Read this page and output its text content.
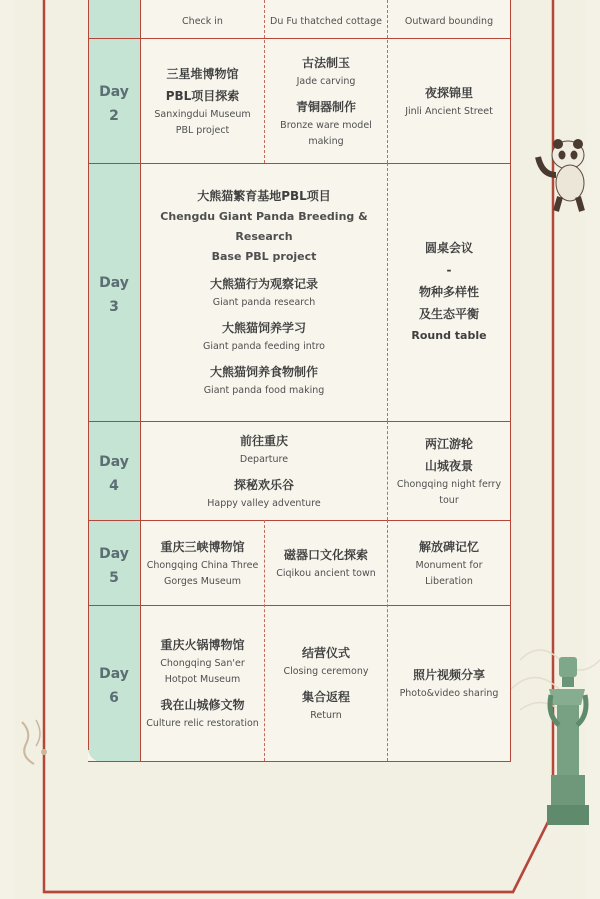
Check in	Du Fu thatched cottage Outward bounding
Day
2
三星堆博物馆
PBL项目探索
Sanxingdui Museum
PBL project
古法制玉
Jade carving
青铜器制作
Bronze ware model
making
夜探锦里
Jinli Ancient Street
Day
3
大熊猫繁育基地PBL项目
Chengdu Giant Panda Breeding & Research
Base PBL project
大熊猫行为观察记录
Giant panda research
大熊猫饲养学习
Giant panda feeding intro
大熊猫饲养食物制作
Giant panda food making
圆桌会议
-
物种多样性
及生态平衡
Round table
Day
4
前往重庆
Departure
探秘欢乐谷
Happy valley adventure
两江游轮
山城夜景
Chongqing night ferry
tour
Day
5
重庆三峡博物馆
Chongqing China Three
Gorges Museum
磁器口文化探索
Ciqikou ancient town
解放碑记忆
Monument for
Liberation
Day
6
重庆火锅博物馆
Chongqing San'er
Hotpot Museum
我在山城修文物
Culture relic restoration
结营仪式
Closing ceremony
集合返程
Return
照片视频分享
Photo&video sharing
